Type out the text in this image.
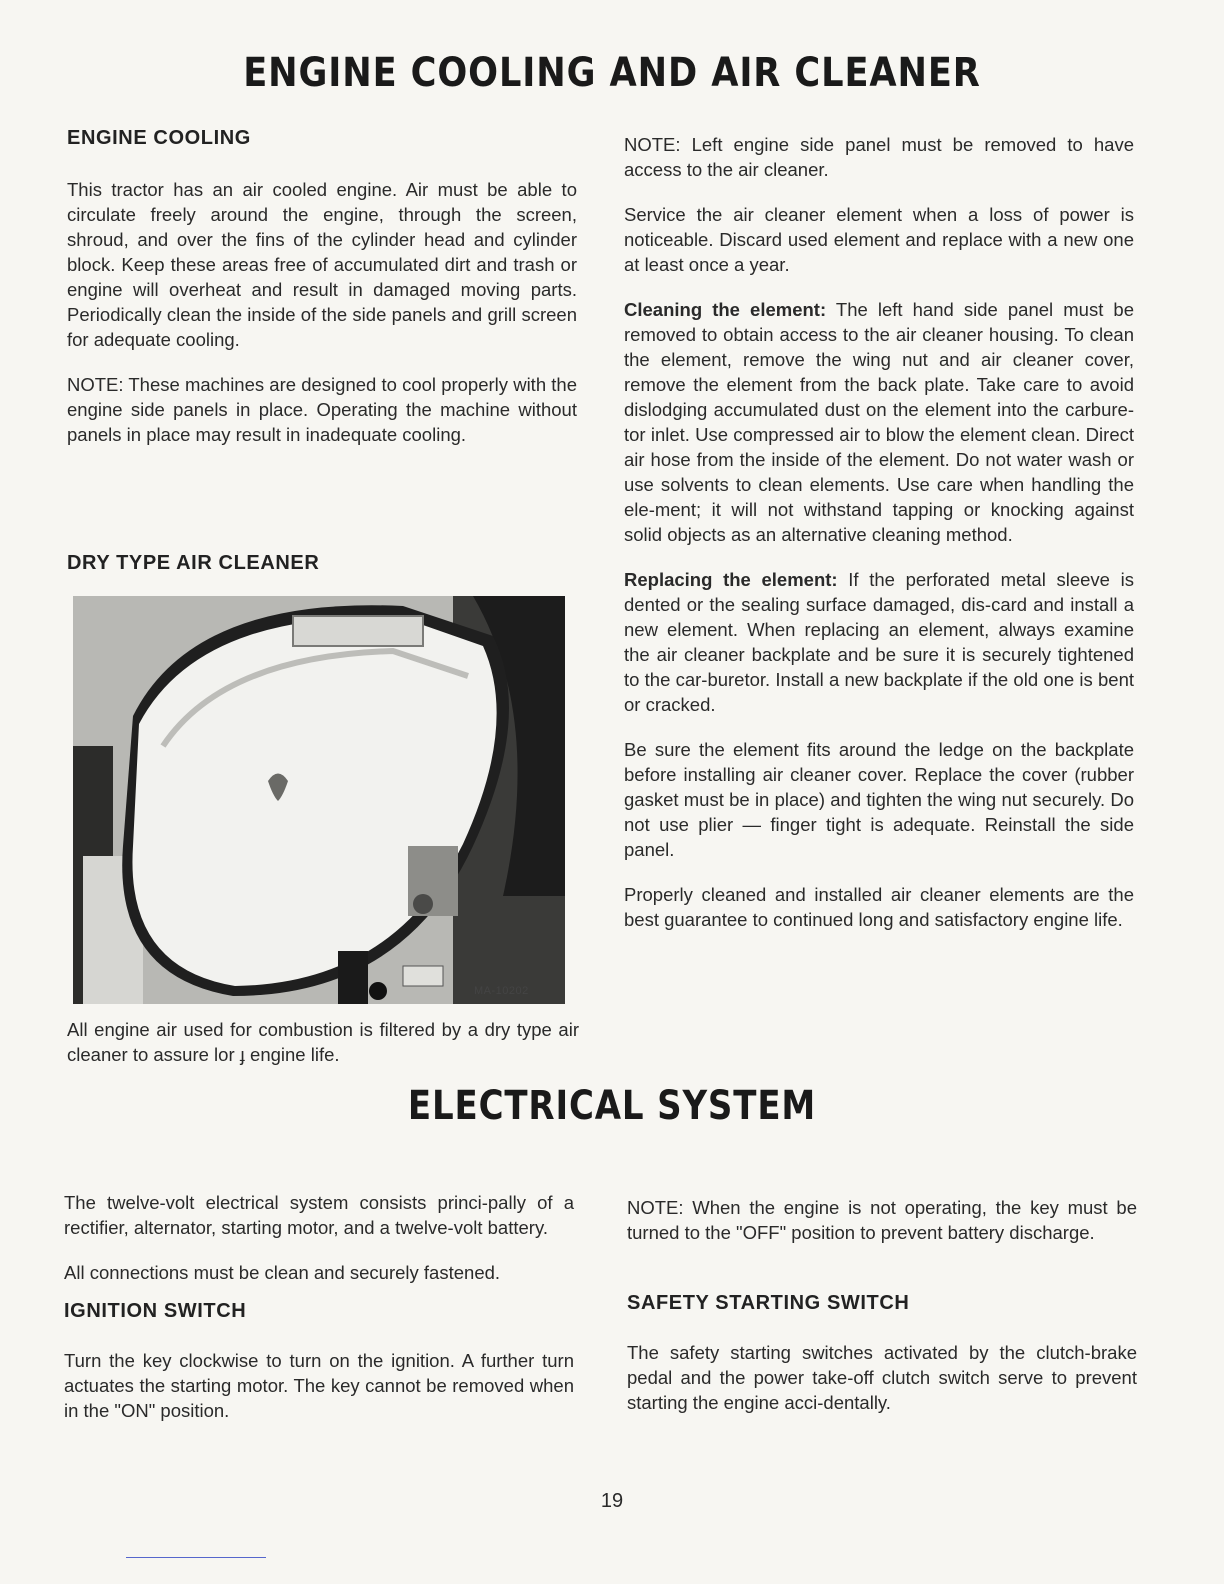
ENGINE COOLING AND AIR CLEANER
ENGINE COOLING

This tractor has an air cooled engine. Air must be able to circulate freely around the engine, through the screen, shroud, and over the fins of the cylinder head and cylinder block. Keep these areas free of accumulated dirt and trash or engine will overheat and result in damaged moving parts. Periodically clean the inside of the side panels and grill screen for adequate cooling.

NOTE: These machines are designed to cool properly with the engine side panels in place. Operating the machine without panels in place may result in inadequate cooling.

DRY TYPE AIR CLEANER
MA-10202
All engine air used for combustion is filtered by a dry type air cleaner to assure lor ɟ engine life.

NOTE: Left engine side panel must be removed to have access to the air cleaner.

Service the air cleaner element when a loss of power is noticeable. Discard used element and replace with a new one at least once a year.

Cleaning the element: The left hand side panel must be removed to obtain access to the air cleaner housing. To clean the element, remove the wing nut and air cleaner cover, remove the element from the back plate. Take care to avoid dislodging accumulated dust on the element into the carbure-tor inlet. Use compressed air to blow the element clean. Direct air hose from the inside of the element. Do not water wash or use solvents to clean elements. Use care when handling the ele-ment; it will not withstand tapping or knocking against solid objects as an alternative cleaning method.

Replacing the element: If the perforated metal sleeve is dented or the sealing surface damaged, dis-card and install a new element. When replacing an element, always examine the air cleaner backplate and be sure it is securely tightened to the car-buretor. Install a new backplate if the old one is bent or cracked.

Be sure the element fits around the ledge on the backplate before installing air cleaner cover. Replace the cover (rubber gasket must be in place) and tighten the wing nut securely. Do not use plier — finger tight is adequate. Reinstall the side panel.

Properly cleaned and installed air cleaner elements are the best guarantee to continued long and satisfactory engine life.

ELECTRICAL SYSTEM

The twelve-volt electrical system consists princi-pally of a rectifier, alternator, starting motor, and a twelve-volt battery.

All connections must be clean and securely fastened.

IGNITION SWITCH

Turn the key clockwise to turn on the ignition. A further turn actuates the starting motor. The key cannot be removed when in the "ON" position.

NOTE: When the engine is not operating, the key must be turned to the "OFF" position to prevent battery discharge.

SAFETY STARTING SWITCH

The safety starting switches activated by the clutch-brake pedal and the power take-off clutch switch serve to prevent starting the engine acci-dentally.

19
